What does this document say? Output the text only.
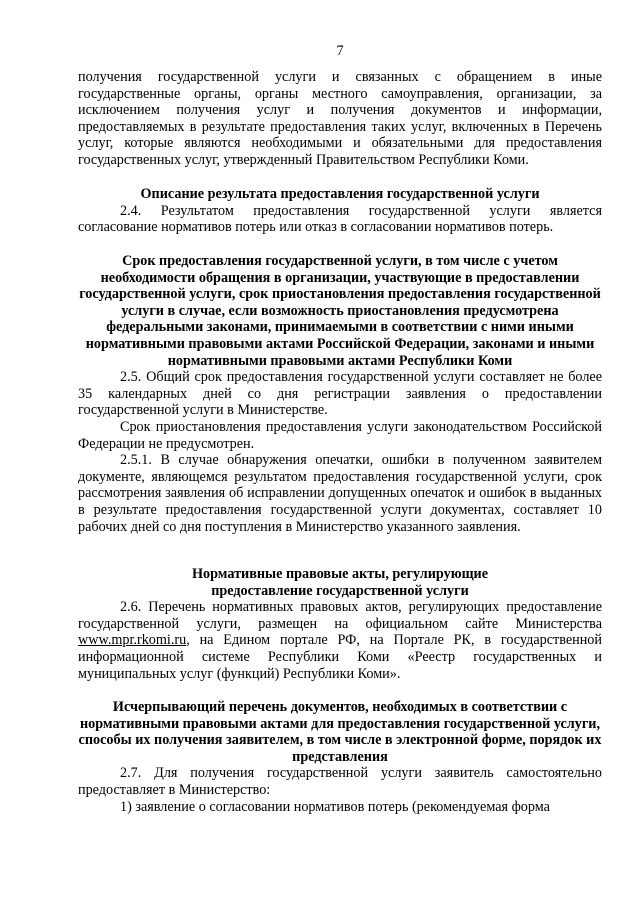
7

получения государственной услуги и связанных с обращением в иные государственные органы, органы местного самоуправления, организации, за исключением получения услуг и получения документов и информации, предоставляемых в результате предоставления таких услуг, включенных в Перечень услуг, которые являются необходимыми и обязательными для предоставления государственных услуг, утвержденный Правительством Республики Коми.

Описание результата предоставления государственной услуги

2.4. Результатом предоставления государственной услуги является согласование нормативов потерь или отказ в согласовании нормативов потерь.

Срок предоставления государственной услуги, в том числе с учетом необходимости обращения в организации, участвующие в предоставлении государственной услуги, срок приостановления предоставления государственной услуги в случае, если возможность приостановления предусмотрена федеральными законами, принимаемыми в соответствии с ними иными нормативными правовыми актами Российской Федерации, законами и иными нормативными правовыми актами Республики Коми

2.5. Общий срок предоставления государственной услуги составляет не более 35 календарных дней со дня регистрации заявления о предоставлении государственной услуги в Министерстве.

Срок приостановления предоставления услуги законодательством Российской Федерации не предусмотрен.

2.5.1. В случае обнаружения опечатки, ошибки в полученном заявителем документе, являющемся результатом предоставления государственной услуги, срок рассмотрения заявления об исправлении допущенных опечаток и ошибок в выданных в результате предоставления государственной услуги документах, составляет 10 рабочих дней со дня поступления в Министерство указанного заявления.

Нормативные правовые акты, регулирующие
предоставление государственной услуги

2.6. Перечень нормативных правовых актов, регулирующих предоставление государственной услуги, размещен на официальном сайте Министерства www.mpr.rkomi.ru, на Едином портале РФ, на Портале РК, в государственной информационной системе Республики Коми «Реестр государственных и муниципальных услуг (функций) Республики Коми».

Исчерпывающий перечень документов, необходимых в соответствии с нормативными правовыми актами для предоставления государственной услуги, способы их получения заявителем, в том числе в электронной форме, порядок их представления

2.7. Для получения государственной услуги заявитель самостоятельно предоставляет в Министерство:

1) заявление о согласовании нормативов потерь (рекомендуемая форма
